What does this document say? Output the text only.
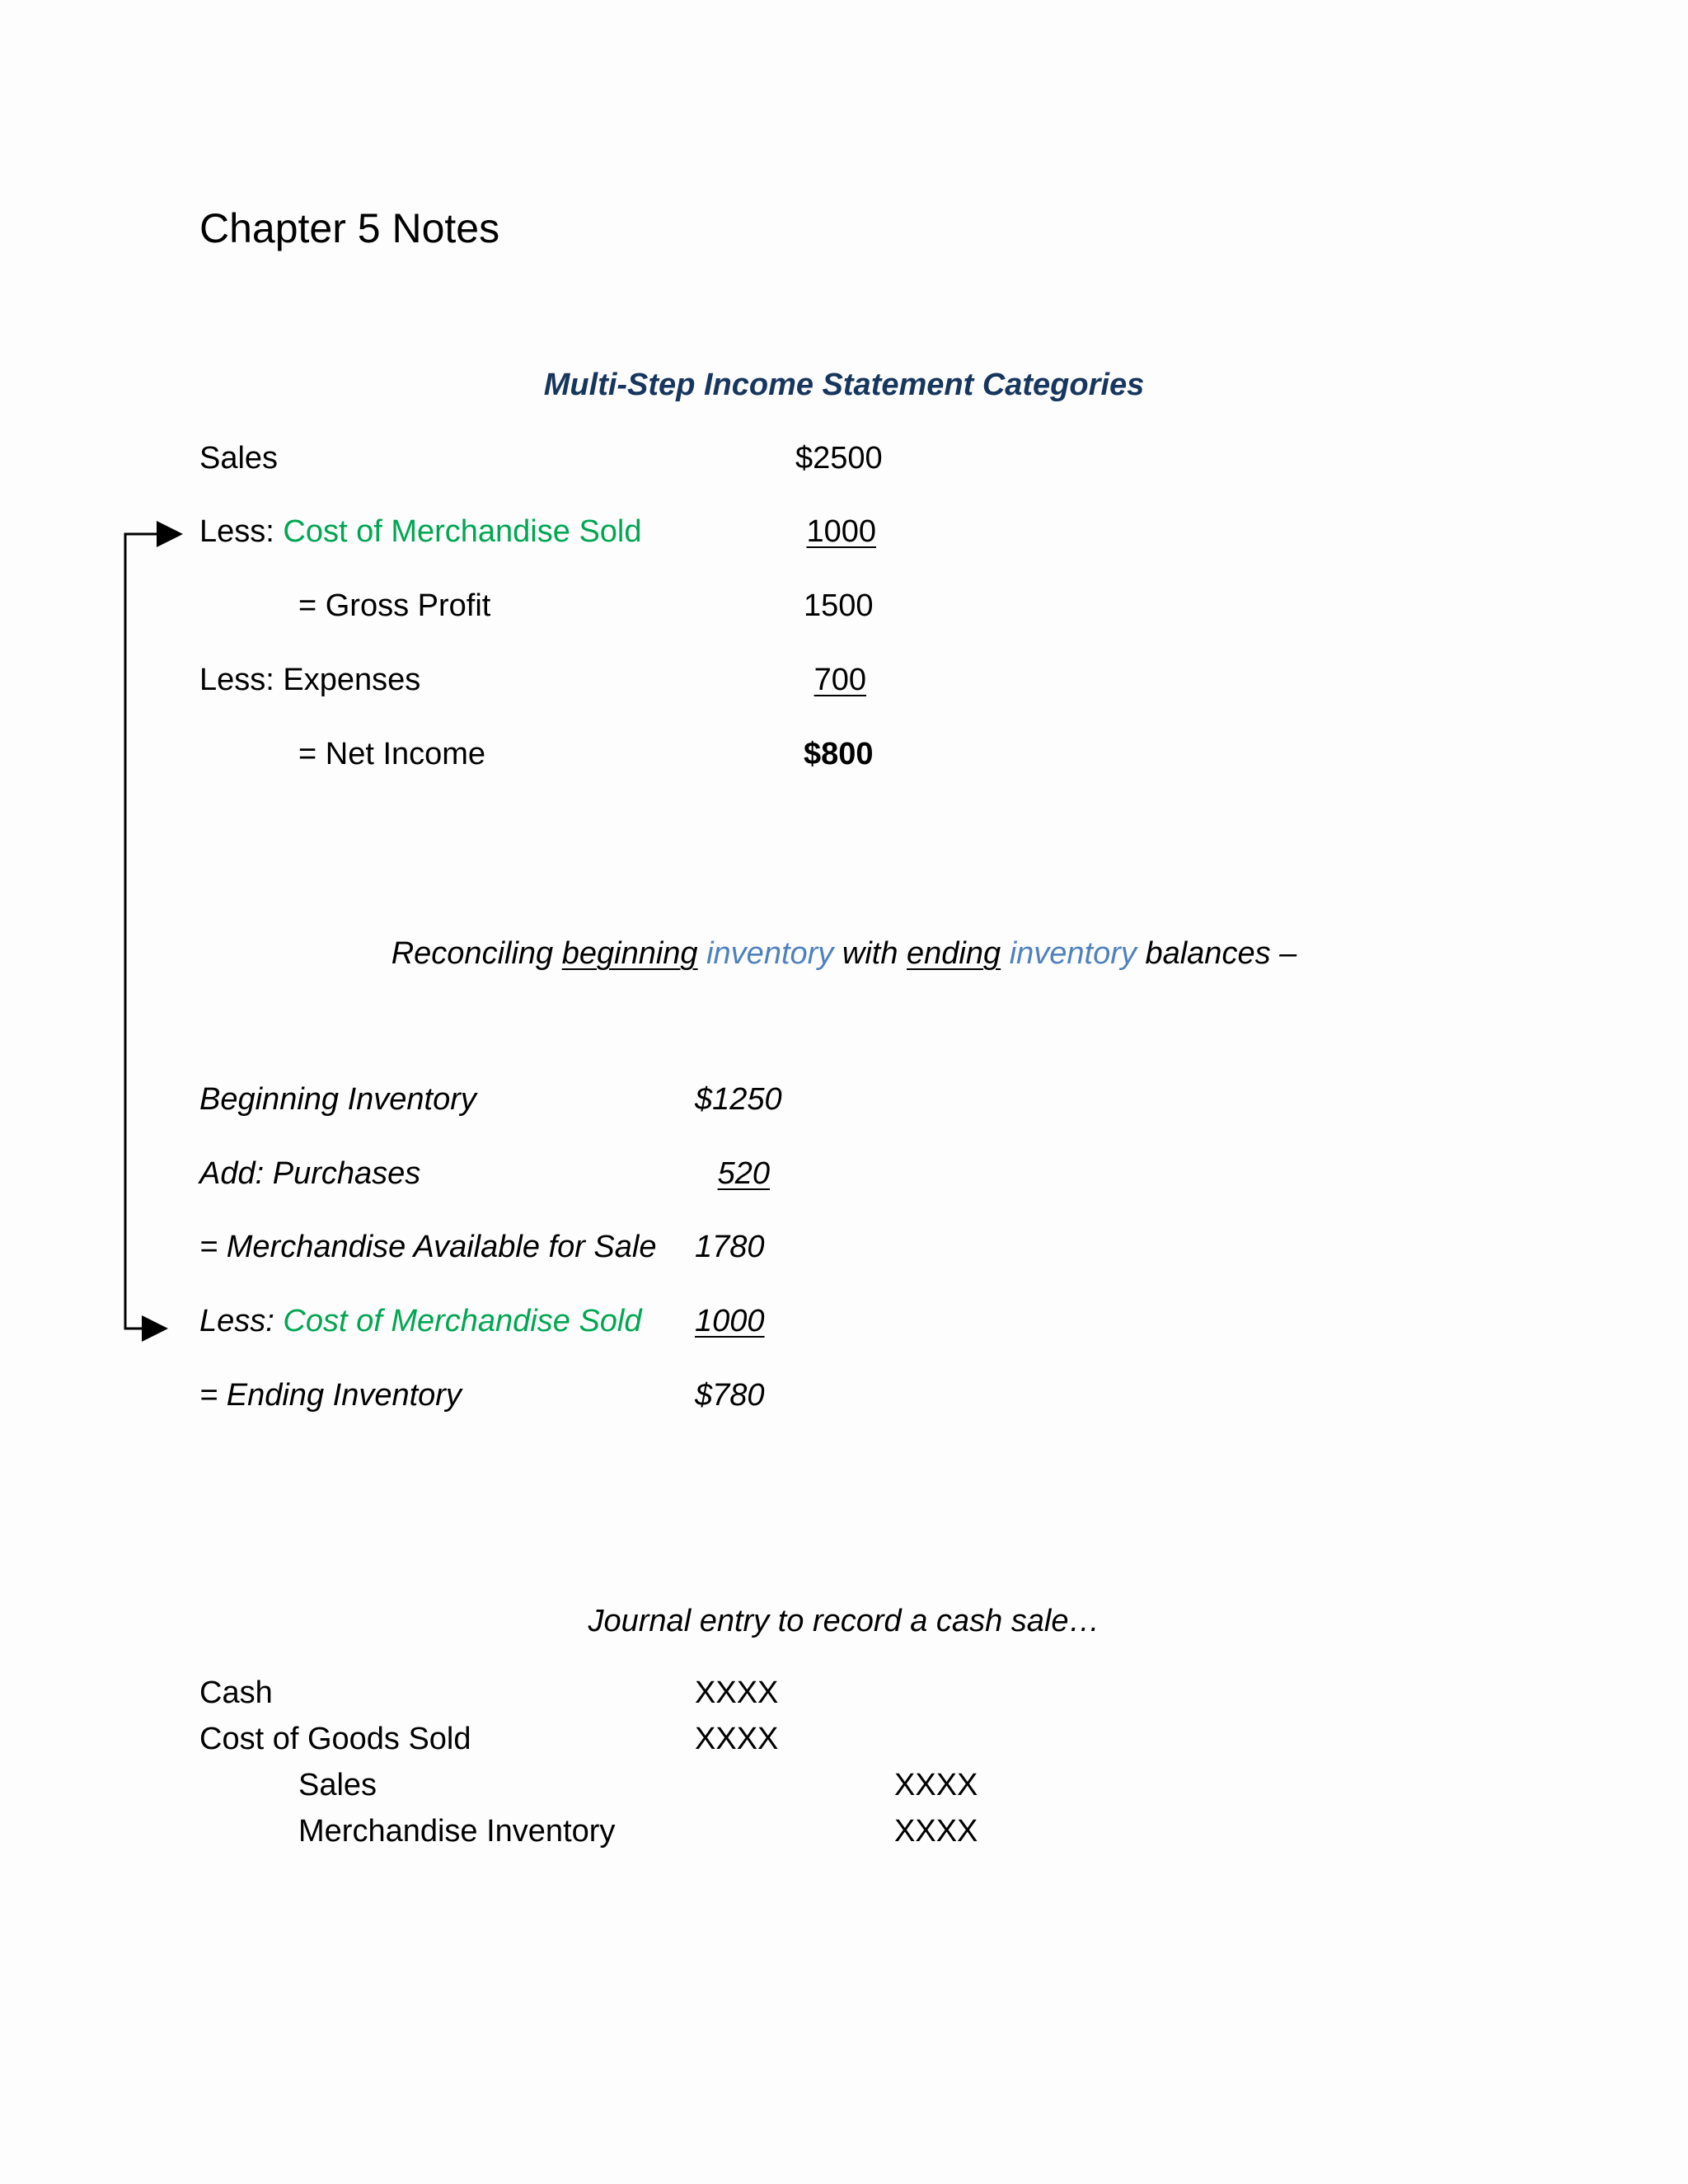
Chapter 5 Notes
Multi-Step Income Statement Categories
Sales	$2500
Less: Cost of Merchandise Sold	1000
= Gross Profit	1500
Less: Expenses	700
= Net Income	$800
Reconciling beginning inventory with ending inventory balances –
Beginning Inventory	$1250
Add: Purchases	520
= Merchandise Available for Sale 1780
Less: Cost of Merchandise Sold 1000
= Ending Inventory	$780
Journal entry to record a cash sale…
Cash	XXXX
Cost of Goods Sold	XXXX
Sales	XXXX
Merchandise Inventory	XXXX
